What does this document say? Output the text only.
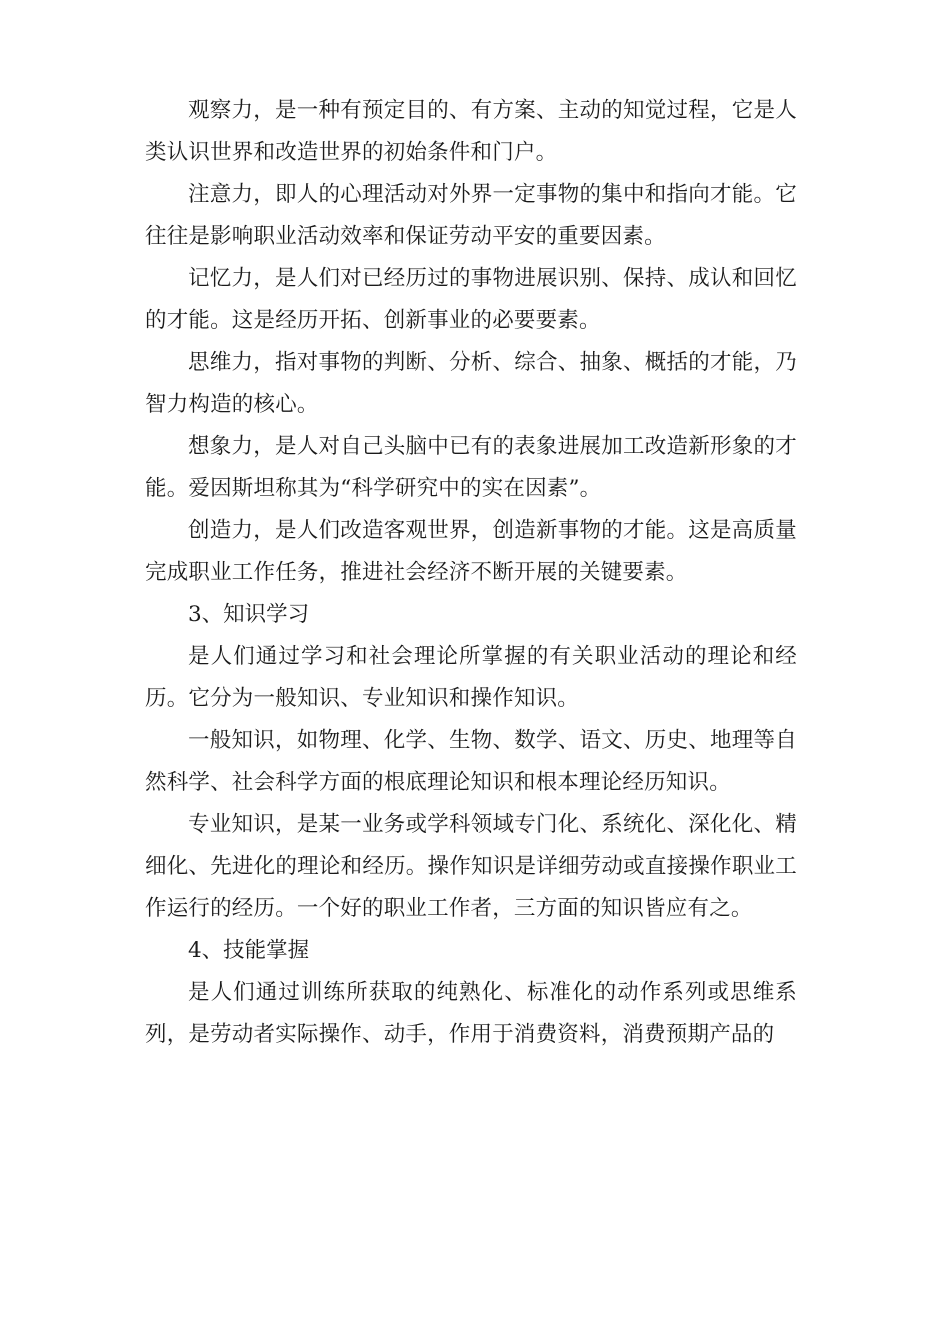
观察力，是一种有预定目的、有方案、主动的知觉过程，它是人类认识世界和改造世界的初始条件和门户。

注意力，即人的心理活动对外界一定事物的集中和指向才能。它往往是影响职业活动效率和保证劳动平安的重要因素。

记忆力，是人们对已经历过的事物进展识别、保持、成认和回忆的才能。这是经历开拓、创新事业的必要要素。

思维力，指对事物的判断、分析、综合、抽象、概括的才能，乃智力构造的核心。

想象力，是人对自己头脑中已有的表象进展加工改造新形象的才能。爱因斯坦称其为“科学研究中的实在因素”。

创造力，是人们改造客观世界，创造新事物的才能。这是高质量完成职业工作任务，推进社会经济不断开展的关键要素。

3、知识学习

是人们通过学习和社会理论所掌握的有关职业活动的理论和经历。它分为一般知识、专业知识和操作知识。

一般知识，如物理、化学、生物、数学、语文、历史、地理等自然科学、社会科学方面的根底理论知识和根本理论经历知识。

专业知识，是某一业务或学科领域专门化、系统化、深化化、精细化、先进化的理论和经历。操作知识是详细劳动或直接操作职业工作运行的经历。一个好的职业工作者，三方面的知识皆应有之。

4、技能掌握

是人们通过训练所获取的纯熟化、标准化的动作系列或思维系列，是劳动者实际操作、动手，作用于消费资料，消费预期产品的
